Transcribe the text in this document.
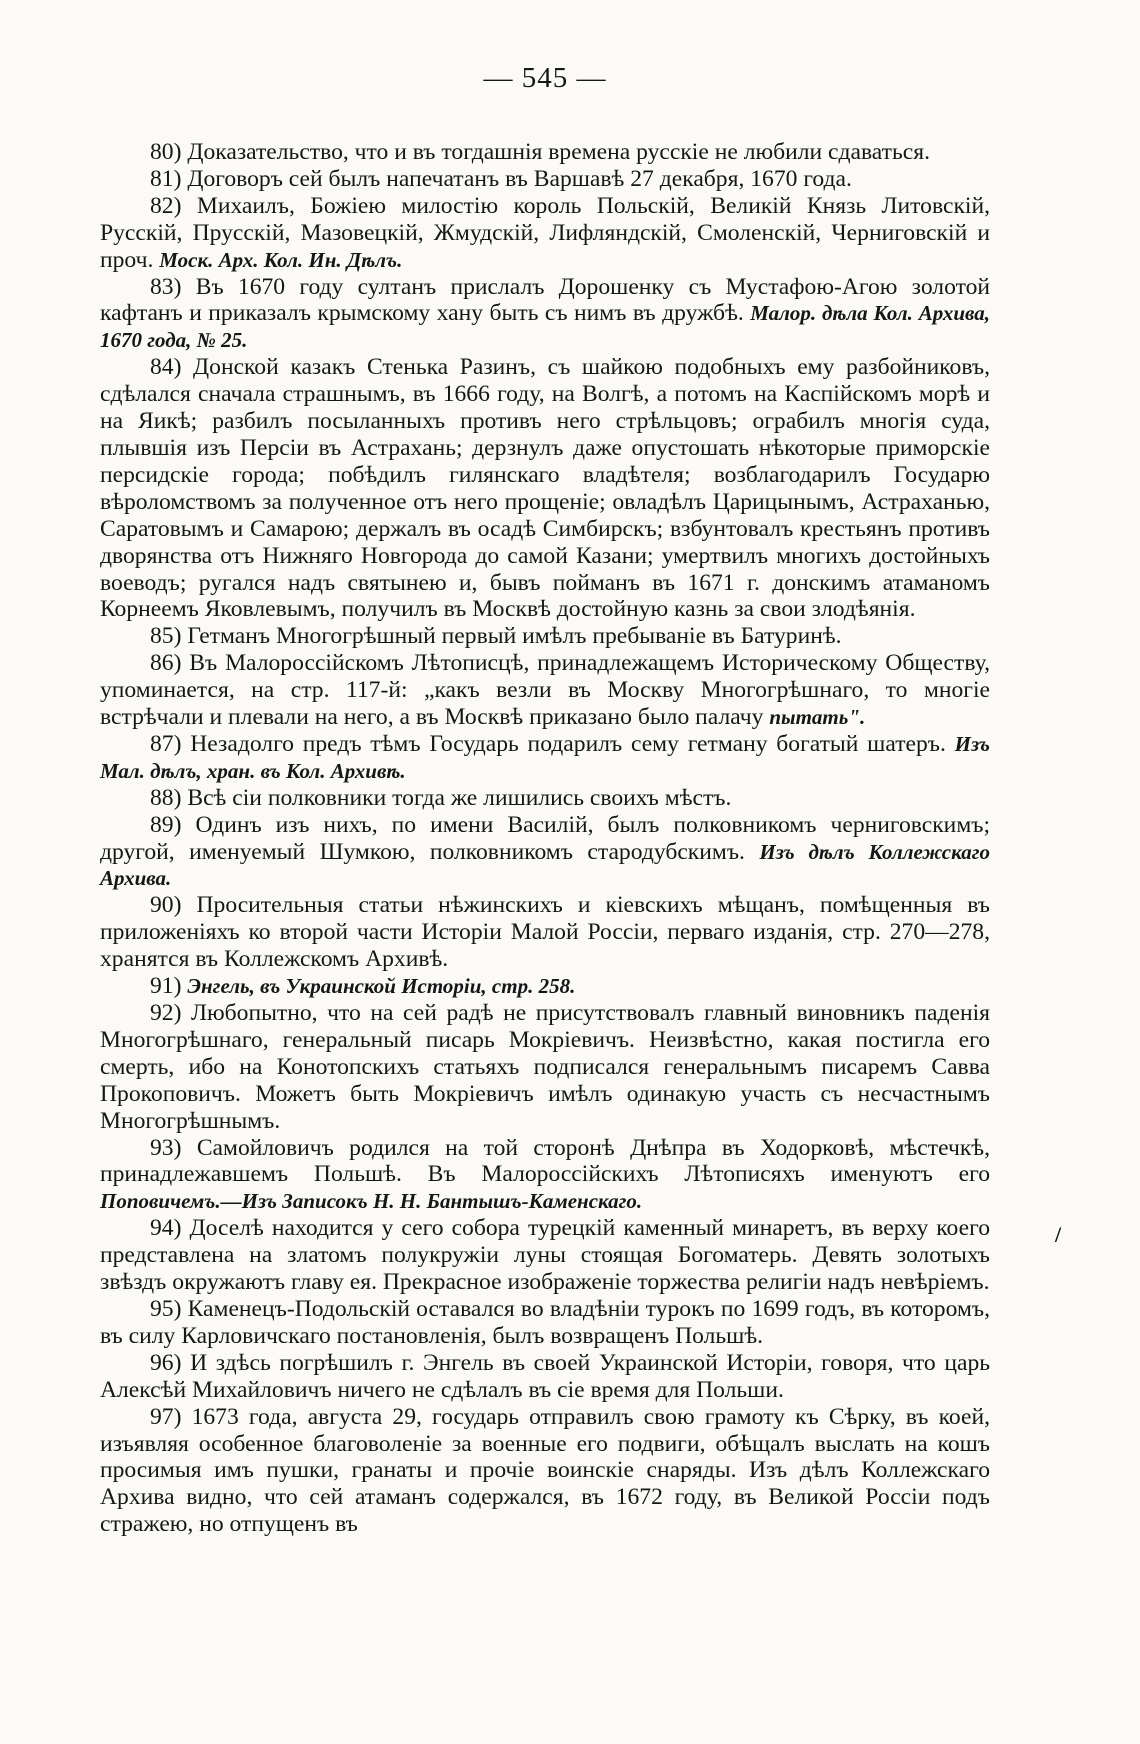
— 545 —

80) Доказательство, что и въ тогдашнія времена русскіе не любили сдаваться.

81) Договоръ сей былъ напечатанъ въ Варшавѣ 27 декабря, 1670 года.

82) Михаилъ, Божіею милостію король Польскій, Великій Князь Литовскій, Русскій, Прусскій, Мазовецкій, Жмудскій, Лифляндскій, Смоленскій, Черниговскій и проч. Моск. Арх. Кол. Ин. Дѣлъ.

83) Въ 1670 году султанъ прислалъ Дорошенку съ Мустафою-Агою золотой кафтанъ и приказалъ крымскому хану быть съ нимъ въ дружбѣ. Малор. дѣла Кол. Архива, 1670 года, № 25.

84) Донской казакъ Стенька Разинъ, съ шайкою подобныхъ ему разбойниковъ, сдѣлался сначала страшнымъ, въ 1666 году, на Волгѣ, а потомъ на Каспійскомъ морѣ и на Яикѣ; разбилъ посыланныхъ противъ него стрѣльцовъ; ограбилъ многія суда, плывшія изъ Персіи въ Астрахань; дерзнулъ даже опустошать нѣкоторые приморскіе персидскіе города; побѣдилъ гилянскаго владѣтеля; возблагодарилъ Государю вѣроломствомъ за полученное отъ него прощеніе; овладѣлъ Царицынымъ, Астраханью, Саратовымъ и Самарою; держалъ въ осадѣ Симбирскъ; взбунтовалъ крестьянъ противъ дворянства отъ Нижняго Новгорода до самой Казани; умертвилъ многихъ достойныхъ воеводъ; ругался надъ святынею и, бывъ пойманъ въ 1671 г. донскимъ атаманомъ Корнеемъ Яковлевымъ, получилъ въ Москвѣ достойную казнь за свои злодѣянія.

85) Гетманъ Многогрѣшный первый имѣлъ пребываніе въ Батуринѣ.

86) Въ Малороссійскомъ Лѣтописцѣ, принадлежащемъ Историческому Обществу, упоминается, на стр. 117-й: „какъ везли въ Москву Многогрѣшнаго, то многіе встрѣчали и плевали на него, а въ Москвѣ приказано было палачу пытать".

87) Незадолго предъ тѣмъ Государь подарилъ сему гетману богатый шатеръ. Изъ Мал. дѣлъ, хран. въ Кол. Архивѣ.

88) Всѣ сіи полковники тогда же лишились своихъ мѣстъ.

89) Одинъ изъ нихъ, по имени Василій, былъ полковникомъ черниговскимъ; другой, именуемый Шумкою, полковникомъ стародубскимъ. Изъ дѣлъ Коллежскаго Архива.

90) Просительныя статьи нѣжинскихъ и кіевскихъ мѣщанъ, помѣщенныя въ приложеніяхъ ко второй части Исторіи Малой Россіи, перваго изданія, стр. 270—278, хранятся въ Коллежскомъ Архивѣ.

91) Энгель, въ Украинской Исторіи, стр. 258.

92) Любопытно, что на сей радѣ не присутствовалъ главный виновникъ паденія Многогрѣшнаго, генеральный писарь Мокріевичъ. Неизвѣстно, какая постигла его смерть, ибо на Конотопскихъ статьяхъ подписался генеральнымъ писаремъ Савва Прокоповичъ. Можетъ быть Мокріевичъ имѣлъ одинакую участь съ несчастнымъ Многогрѣшнымъ.

93) Самойловичъ родился на той сторонѣ Днѣпра въ Ходорковѣ, мѣстечкѣ, принадлежавшемъ Польшѣ. Въ Малороссійскихъ Лѣтописяхъ именуютъ его Поповичемъ.—Изъ Записокъ Н. Н. Бантышъ-Каменскаго.

94) Доселѣ находится у сего собора турецкій каменный минаретъ, въ верху коего представлена на златомъ полукружіи луны стоящая Богоматерь. Девять золотыхъ звѣздъ окружаютъ главу ея. Прекрасное изображеніе торжества религіи надъ невѣріемъ.

95) Каменецъ-Подольскій оставался во владѣніи турокъ по 1699 годъ, въ которомъ, въ силу Карловичскаго постановленія, былъ возвращенъ Польшѣ.

96) И здѣсь погрѣшилъ г. Энгель въ своей Украинской Исторіи, говоря, что царь Алексѣй Михайловичъ ничего не сдѣлалъ въ сіе время для Польши.

97) 1673 года, августа 29, государь отправилъ свою грамоту къ Сѣрку, въ коей, изъявляя особенное благоволеніе за военные его подвиги, обѣщалъ выслать на кошъ просимыя имъ пушки, гранаты и прочіе воинскіе снаряды. Изъ дѣлъ Коллежскаго Архива видно, что сей атаманъ содержался, въ 1672 году, въ Великой Россіи подъ стражею, но отпущенъ въ

/
